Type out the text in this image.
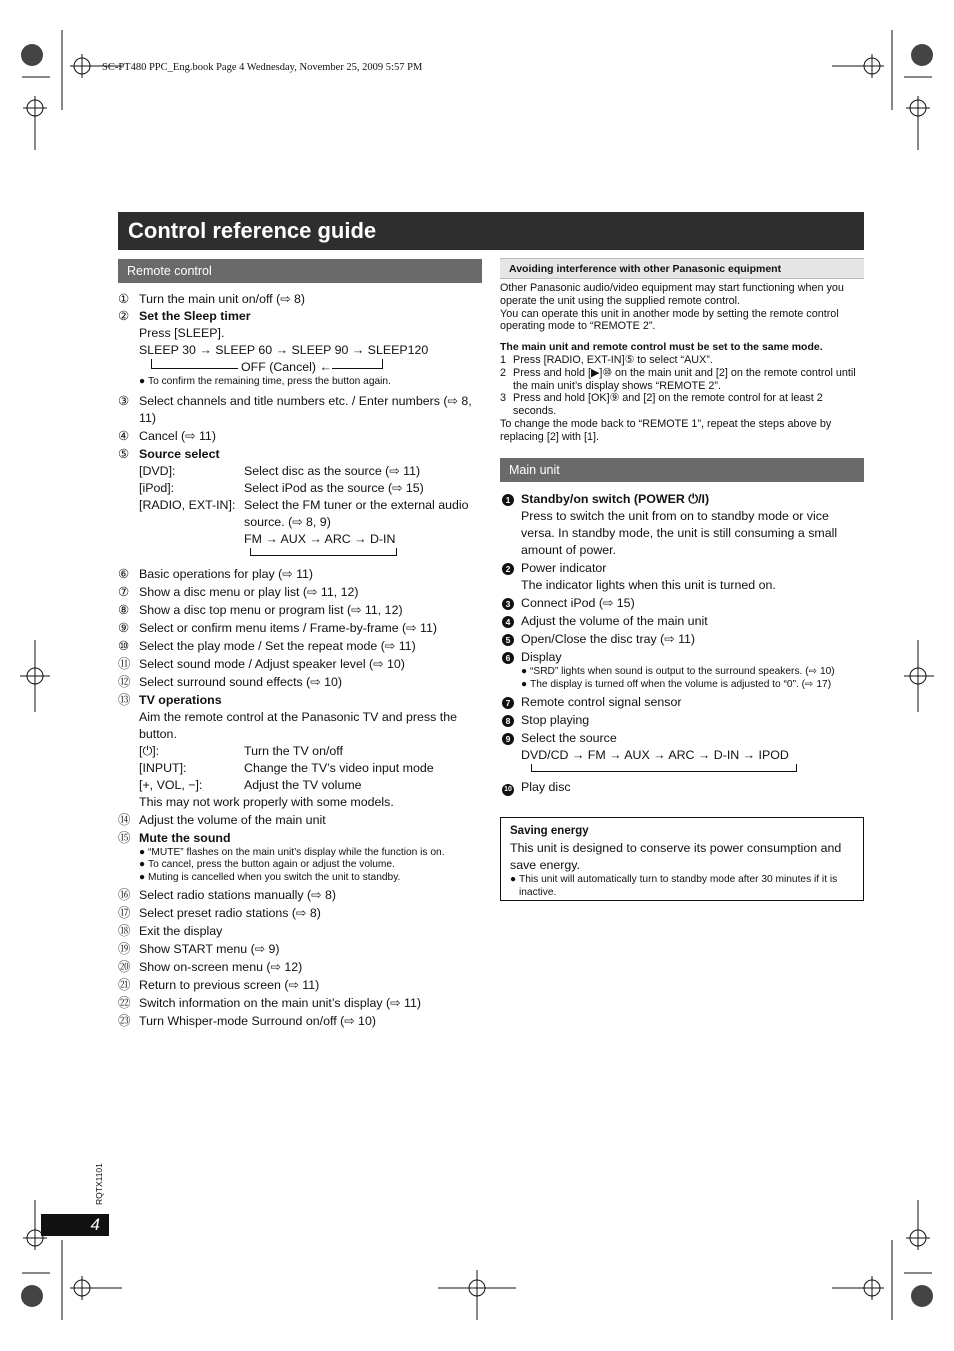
SC-PT480 PPC_Eng.book Page 4 Wednesday, November 25, 2009 5:57 PM
Control reference guide
Remote control
① Turn the main unit on/off (⇨ 8)
② Set the Sleep timer
Press [SLEEP].
SLEEP 30 → SLEEP 60 → SLEEP 90 → SLEEP120
OFF (Cancel) ←
● To confirm the remaining time, press the button again.
③ Select channels and title numbers etc. / Enter numbers (⇨ 8, 11)
④ Cancel (⇨ 11)
⑤ Source select
[DVD]:	Select disc as the source (⇨ 11)
[iPod]:	Select iPod as the source (⇨ 15)
[RADIO, EXT-IN]: Select the FM tuner or the external audio source. (⇨ 8, 9)
FM → AUX → ARC → D-IN
⑥ Basic operations for play (⇨ 11)
⑦ Show a disc menu or play list (⇨ 11, 12)
⑧ Show a disc top menu or program list (⇨ 11, 12)
⑨ Select or confirm menu items / Frame-by-frame (⇨ 11)
⑩ Select the play mode / Set the repeat mode (⇨ 11)
⑪ Select sound mode / Adjust speaker level (⇨ 10)
⑫ Select surround sound effects (⇨ 10)
⑬ TV operations
Aim the remote control at the Panasonic TV and press the button.
[⏻]:	Turn the TV on/off
[INPUT]:	Change the TV’s video input mode
[+, VOL, −]:	Adjust the TV volume
This may not work properly with some models.
⑭ Adjust the volume of the main unit
⑮ Mute the sound
● “MUTE” flashes on the main unit’s display while the function is on.
● To cancel, press the button again or adjust the volume.
● Muting is cancelled when you switch the unit to standby.
⑯ Select radio stations manually (⇨ 8)
⑰ Select preset radio stations (⇨ 8)
⑱ Exit the display
⑲ Show START menu (⇨ 9)
⑳ Show on-screen menu (⇨ 12)
㉑ Return to previous screen (⇨ 11)
㉒ Switch information on the main unit’s display (⇨ 11)
㉓ Turn Whisper-mode Surround on/off (⇨ 10)
Avoiding interference with other Panasonic equipment
Other Panasonic audio/video equipment may start functioning when you operate the unit using the supplied remote control.
You can operate this unit in another mode by setting the remote control operating mode to “REMOTE 2”.
The main unit and remote control must be set to the same mode.
1 Press [RADIO, EXT-IN]⑤ to select “AUX”.
2 Press and hold [▶]⑩ on the main unit and [2] on the remote control until the main unit’s display shows “REMOTE 2”.
3 Press and hold [OK]⑨ and [2] on the remote control for at least 2 seconds.
To change the mode back to “REMOTE 1”, repeat the steps above by replacing [2] with [1].
Main unit
1 Standby/on switch (POWER ⏻/I)
Press to switch the unit from on to standby mode or vice versa. In standby mode, the unit is still consuming a small amount of power.
2 Power indicator
The indicator lights when this unit is turned on.
3 Connect iPod (⇨ 15)
4 Adjust the volume of the main unit
5 Open/Close the disc tray (⇨ 11)
6 Display
● “SRD” lights when sound is output to the surround speakers. (⇨ 10)
● The display is turned off when the volume is adjusted to “0”. (⇨ 17)
7 Remote control signal sensor
8 Stop playing
9 Select the source
DVD/CD → FM → AUX → ARC → D-IN → IPOD
10 Play disc
Saving energy
This unit is designed to conserve its power consumption and save energy.
● This unit will automatically turn to standby mode after 30 minutes if it is inactive.
RQTX1101
4
